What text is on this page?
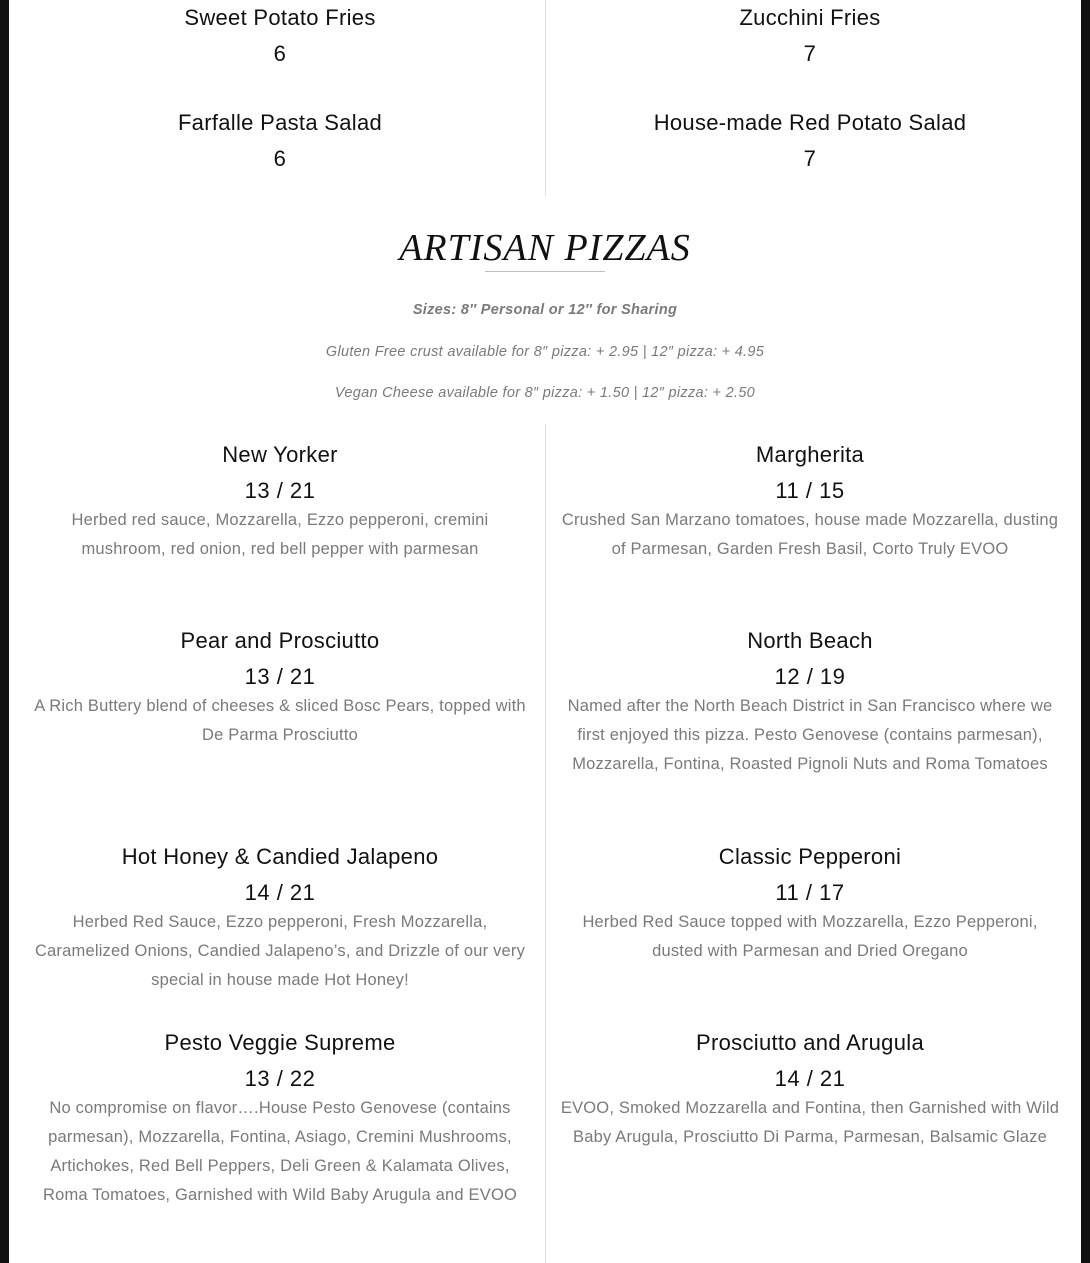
Sweet Potato Fries
6
Zucchini Fries
7
Farfalle Pasta Salad
6
House-made Red Potato Salad
7
ARTISAN PIZZAS
Sizes: 8″ Personal or 12″ for Sharing
Gluten Free crust available for 8″ pizza: + 2.95 | 12″ pizza: + 4.95
Vegan Cheese available for 8″ pizza: + 1.50 | 12″ pizza: + 2.50
New Yorker
13 / 21
Herbed red sauce, Mozzarella, Ezzo pepperoni, cremini mushroom, red onion, red bell pepper with parmesan
Margherita
11 / 15
Crushed San Marzano tomatoes, house made Mozzarella, dusting of Parmesan, Garden Fresh Basil, Corto Truly EVOO
Pear and Prosciutto
13 / 21
A Rich Buttery blend of cheeses & sliced Bosc Pears, topped with De Parma Prosciutto
North Beach
12 / 19
Named after the North Beach District in San Francisco where we first enjoyed this pizza. Pesto Genovese (contains parmesan), Mozzarella, Fontina, Roasted Pignoli Nuts and Roma Tomatoes
Hot Honey & Candied Jalapeno
14 / 21
Herbed Red Sauce, Ezzo pepperoni, Fresh Mozzarella, Caramelized Onions, Candied Jalapeno’s, and Drizzle of our very special in house made Hot Honey!
Classic Pepperoni
11 / 17
Herbed Red Sauce topped with Mozzarella, Ezzo Pepperoni, dusted with Parmesan and Dried Oregano
Pesto Veggie Supreme
13 / 22
No compromise on flavor….House Pesto Genovese (contains parmesan), Mozzarella, Fontina, Asiago, Cremini Mushrooms, Artichokes, Red Bell Peppers, Deli Green & Kalamata Olives, Roma Tomatoes, Garnished with Wild Baby Arugula and EVOO
Prosciutto and Arugula
14 / 21
EVOO, Smoked Mozzarella and Fontina, then Garnished with Wild Baby Arugula, Prosciutto Di Parma, Parmesan, Balsamic Glaze
